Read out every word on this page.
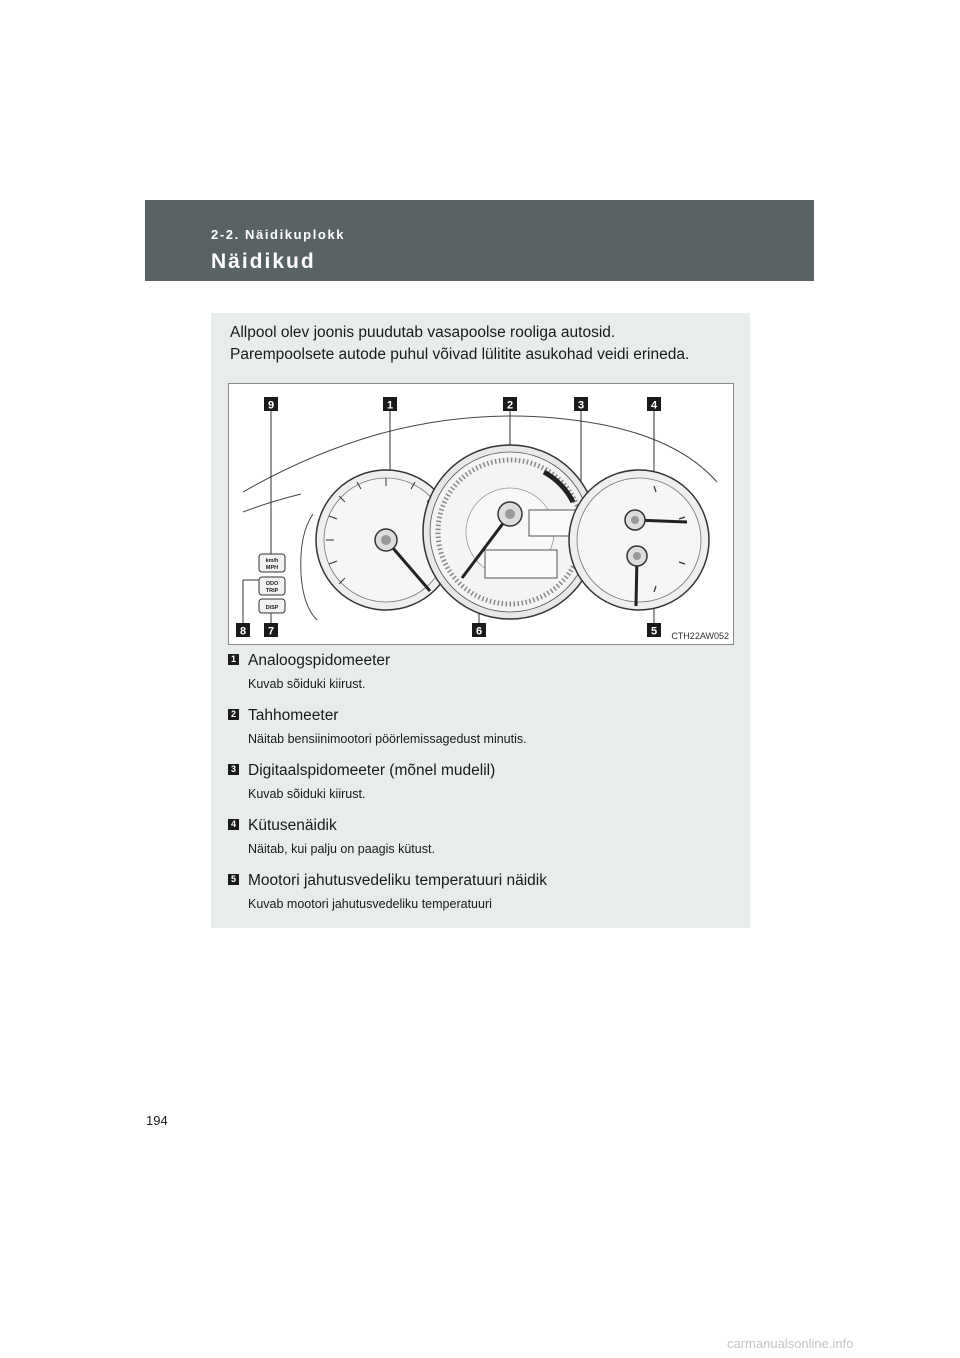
2-2. Näidikuplokk
Näidikud
Allpool olev joonis puudutab vasapoolse rooliga autosid.
Parempoolsete autode puhul võivad lülitite asukohad veidi erineda.
km/h
MPH
ODO
TRIP
DISP
9	1	2	3	4
8 7	6	5 CTH22AW052
1 Analoogspidomeeter
Kuvab sõiduki kiirust.
2 Tahhomeeter
Näitab bensiinimootori pöörlemissagedust minutis.
3 Digitaalspidomeeter (mõnel mudelil)
Kuvab sõiduki kiirust.
4 Kütusenäidik
Näitab, kui palju on paagis kütust.
5 Mootori jahutusvedeliku temperatuuri näidik
Kuvab mootori jahutusvedeliku temperatuuri
194
carmanualsonline.info
